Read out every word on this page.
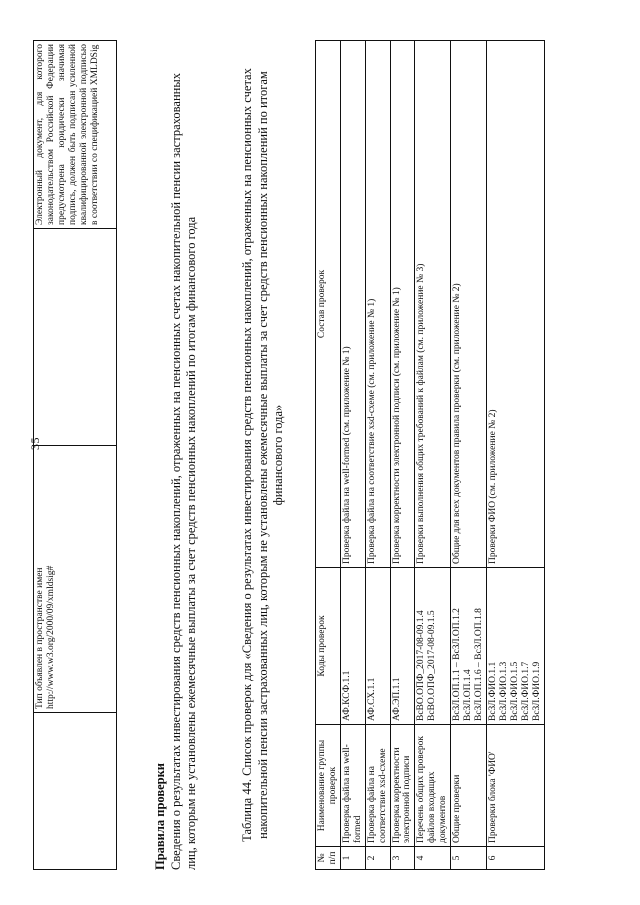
35
	Тип объявлен в пространстве имен http://www.w3.org/2000/09/xmldsig#		Электронный документ, для которого законодательством Российской Федерации предусмотрена юридически значимая подпись, должен быть подписан усиленной квалифицированной электронной подписью в соответствии со спецификацией XMLDSig
Правила проверки Сведения о результатах инвестирования средств пенсионных накоплений, отраженных на пенсионных счетах накопительной пенсии застрахованных лиц, которым не установлены ежемесячные выплаты за счет средств пенсионных накоплений по итогам финансового года	Таблица 44. Список проверок для «Сведения о результатах инвестирования средств пенсионных накоплений, отраженных на пенсионных счетах накопительной пенсии застрахованных лиц, которым не установлены ежемесячные выплаты за счет средств пенсионных накоплений по итогам финансового года»
№ п/п	Наименование группы проверок	Коды проверок	Состав проверок
1	Проверка файла на well-formed	АФ.КСФ.1.1	Проверка файла на well-formed (см. приложение № 1)
2	Проверка файла на соответствие xsd-схеме	АФ.СХ.1.1	Проверка файла на соответствие xsd-схеме (см. приложение № 1)
3	Проверка корректности электронной подписи	АФ.ЭП.1.1	Проверка корректности электронной подписи (см. приложение № 1)
4	Перечень общих проверок файлов входящих документов	ВсВО.ОПФ_2017-08-09.1.4 ВсВО.ОПФ_2017-08-09.1.5	Проверки выполнения общих требований к файлам (см. приложение № 3)
5	Общие проверки	ВсЗЛ.ОП.1.1 – ВсЗЛ.ОП.1.2 ВсЗЛ.ОП.1.4 ВсЗЛ.ОП.1.6 – ВсЗЛ.ОП.1.8	Общие для всех документов правила проверки (см. приложение № 2)
6	Проверки блока 'ФИО'	ВсЗЛ.ФИО.1.1 ВсЗЛ.ФИО.1.3 ВсЗЛ.ФИО.1.5 ВсЗЛ.ФИО.1.7 ВсЗЛ.ФИО.1.9	Проверки ФИО (см. приложение № 2)
